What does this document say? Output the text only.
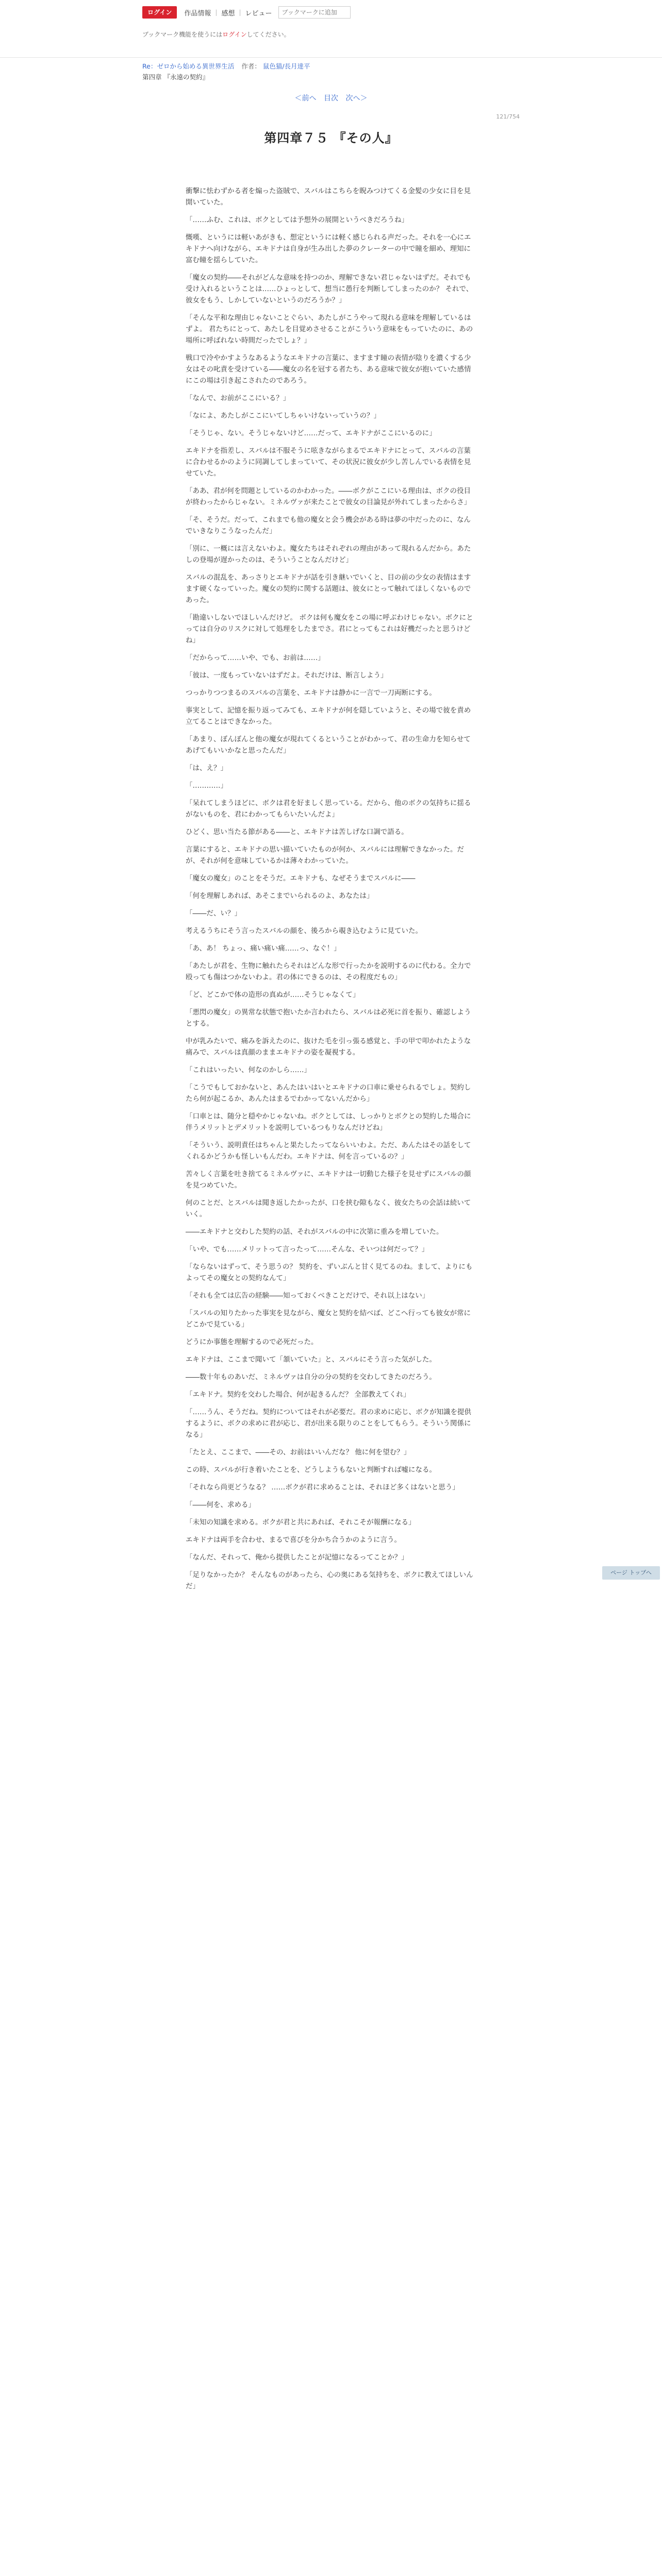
ログイン	作品情報 | 感想 | レビュー
ブックマークに追加
ブックマーク機能を使うにはログインしてください。
Re：ゼロから始める異世界生活 作者： 鼠色猫/長月達平
第四章 『永遠の契約』
＜前へ 目次 次へ＞
121/754
第四章７５ 『その人』

衝撃に怯わずかる者を煽った盗賊で、スバルはこちらを睨みつけてくる金髪の少女に目を見開いていた。

「……ふむ、これは、ボクとしては予想外の展開というべきだろうね」

慨嘆、というには軽いあがきも、想定というには軽く感じられる声だった。それを一心にエキドナへ向けながら、エキドナは自身が生み出した夢のクレーターの中で瞳を細め、理知に富む瞳を揺らしていた。

「魔女の契約――それがどんな意味を持つのか、理解できない君じゃないはずだ。それでも受け入れるということは……ひょっとして、想当に愚行を判断してしまったのか？ それで、彼女をもう、しかしていないというのだろうか？」

「そんな平和な理由じゃないことぐらい、あたしがこうやって現れる意味を理解しているはずよ。 君たちにとって、あたしを目覚めさせることがこういう意味をもっていたのに、あの場所に呼ばれない時間だったでしょ？」

戦口で冷やかすようなあるようなエキドナの言葉に、ますます瞳の表情が陰りを濃くする少女はその叱責を受けている――魔女の名を冠する者たち、ある意味で彼女が抱いていた感情にこの場は引き起こされたのであろう。

「なんで、お前がここにいる？」

「なによ、あたしがここにいてしちゃいけないっていうの？」

「そうじゃ、ない。そうじゃないけど……だって、エキドナがここにいるのに」

エキドナを指差し、スバルは不服そうに呟きながらまるでエキドナにとって、スバルの言葉に合わせるかのように同調してしまっていて、その状況に彼女が少し苦しんでいる表情を見せていた。

「ああ、君が何を問題としているのかわかった。――ボクがここにいる理由は、ボクの役目が終わったからじゃない。ミネルヴァが来たことで彼女の目論見が外れてしまったからさ」

「そ、そうだ。だって、これまでも他の魔女と会う機会がある時は夢の中だったのに、なんでいきなりこうなったんだ」

「別に、一概には言えないわよ。魔女たちはそれぞれの理由があって現れるんだから。あたしの登場が遅かったのは、そういうことなんだけど」

スバルの混乱を、あっさりとエキドナが話を引き継いでいくと、目の前の少女の表情はますます硬くなっていった。魔女の契約に関する話題は、彼女にとって触れてほしくないものであった。

「勘違いしないでほしいんだけど。 ボクは何も魔女をこの場に呼ぶわけじゃない。ボクにとっては自分のリスクに対して処理をしたまでさ。君にとってもこれは好機だったと思うけどね」

「だからって……いや、でも、お前は……」

「彼は、一度もっていないはずだよ。それだけは、断言しよう」

つっかりつつまるのスバルの言葉を、エキドナは静かに一言で一刀両断にする。

事実として、記憶を振り返ってみても、エキドナが何を隠していようと、その場で彼を責め立てることはできなかった。

「あまり、ぼんぼんと他の魔女が現れてくるということがわかって、君の生命力を知らせてあげてもいいかなと思ったんだ」

「は、え？」

「…………」

「呆れてしまうほどに、ボクは君を好ましく思っている。だから、他のボクの気持ちに揺るがないものを、君にわかってもらいたいんだよ」

ひどく、思い当たる節がある――と、エキドナは苦しげな口調で語る。

言葉にすると、エキドナの思い描いていたものが何か、スバルには理解できなかった。だが、それが何を意味しているかは薄々わかっていた。

「魔女の魔女」のことをそうだ。エキドナも、なぜそうまでスバルに――

「何を理解しあれば、あそこまでいられるのよ、あなたは」

「――だ、い？」

考えるうちにそう言ったスバルの顔を、後ろから覗き込むように見ていた。

「あ、あ！ ちょっ、痛い痛い痛……っ、なぐ！」

「あたしが君を、生物に触れたらそれはどんな形で行ったかを説明するのに代わる。全力で殴っても傷はつかないわよ。君の体にできるのは、その程度だもの」

「ど、どこかで体の造形の真ぬが……そうじゃなくて」

「悪閃の魔女」の異常な状態で抱いたか言われたら、スバルは必死に首を振り、確認しようとする。

中が乳みたいで、痛みを訴えたのに、抜けた毛を引っ張る感覚と、手の甲で叩かれたような痛みで、スバルは真顔のままエキドナの姿を凝視する。

「これはいったい、何なのかしら……」

「こうでもしておかないと、あんたはいはいとエキドナの口車に乗せられるでしょ。契約したら何が起こるか、あんたはまるでわかってないんだから」

「口車とは、随分と穏やかじゃないね。ボクとしては、しっかりとボクとの契約した場合に伴うメリットとデメリットを説明しているつもりなんだけどね」

「そういう、説明責任はちゃんと果たしたってならいいわよ。ただ、あんたはその話をしてくれるかどうかも怪しいもんだわ。エキドナは、何を言っているの？」

苦々しく言葉を吐き捨てるミネルヴァに、エキドナは一切動じた様子を見せずにスバルの顔を見つめていた。

何のことだ、とスバルは聞き返したかったが、口を挟む隙もなく、彼女たちの会話は続いていく。

――エキドナと交わした契約の話、それがスバルの中に次第に重みを増していた。

「いや、でも……メリットって言ったって……そんな、そいつは何だって？」

「ならないはずって、そう思うの？ 契約を、ずいぶんと甘く見てるのね。まして、よりにもよってその魔女との契約なんて」

「それも全ては広告の経験――知っておくべきことだけで、それ以上はない」

「スバルの知りたかった事実を見ながら、魔女と契約を結べば、どこへ行っても彼女が常にどこかで見ている」

どうにか事態を理解するので必死だった。

エキドナは、ここまで聞いて「頷いていた」と、スバルにそう言った気がした。

――数十年ものあいだ、ミネルヴァは自分の分の契約を交わしてきたのだろう。

「エキドナ。契約を交わした場合、何が起きるんだ？ 全部教えてくれ」

「……うん、そうだね。契約についてはそれが必要だ。君の求めに応じ、ボクが知識を提供するように、ボクの求めに君が応じ、君が出来る限りのことをしてもらう。そういう関係になる」

「たとえ、ここまで、――その、お前はいいんだな？ 他に何を望む？」

この時、スバルが行き着いたことを、どうしようもないと判断すれば嘘になる。

「それなら尚更どうなる？ ……ボクが君に求めることは、それほど多くはないと思う」

「――何を、求める」

「未知の知識を求める。ボクが君と共にあれば、それこそが報酬になる」

エキドナは両手を合わせ、まるで喜びを分かち合うかのように言う。

「なんだ、それって、俺から提供したことが記憶になるってことか？」

「足りなかったか？ そんなものがあったら、心の奥にある気持ちを、ボクに教えてほしいんだ」

ページ トップへ
